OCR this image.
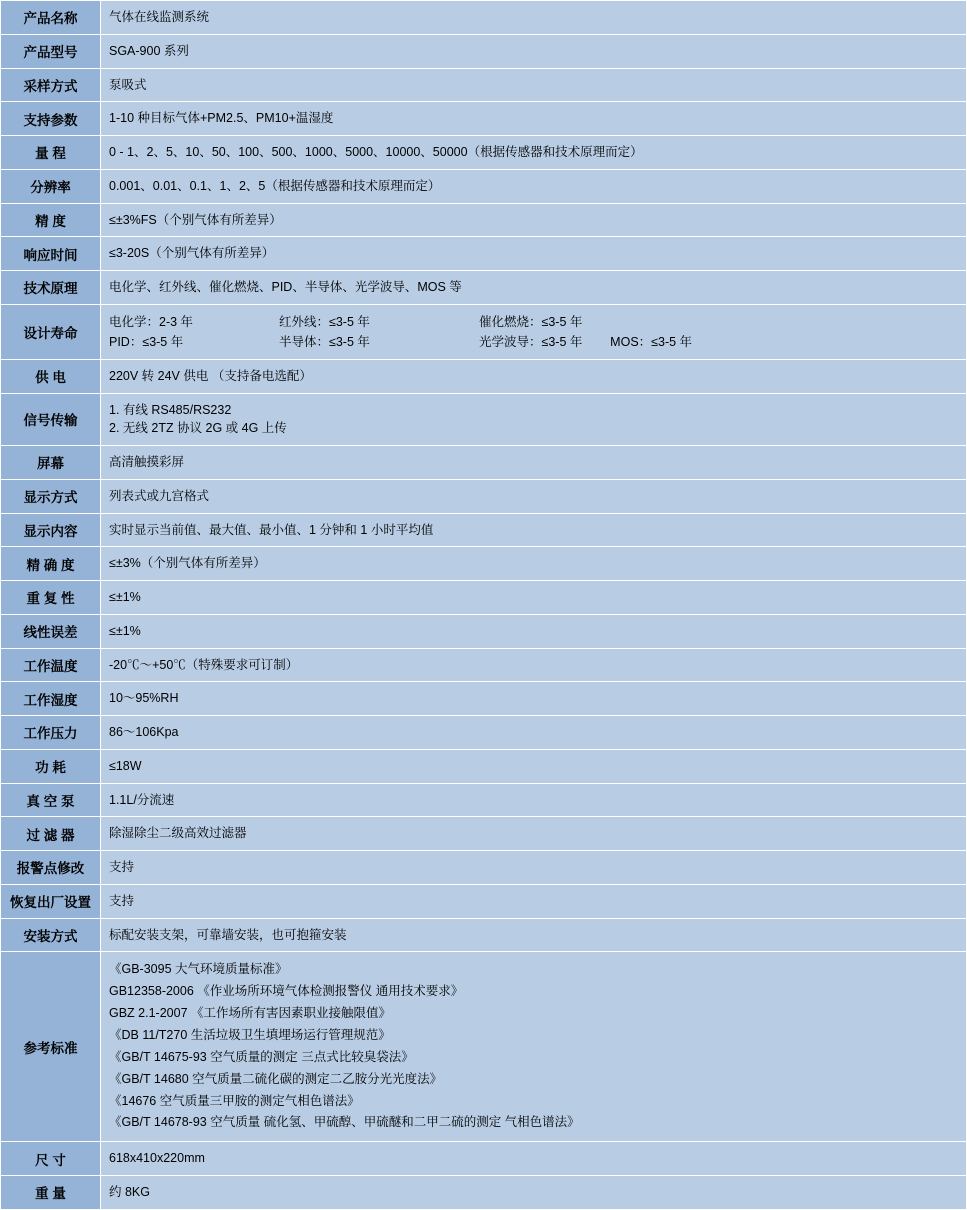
产品名称	气体在线监测系统
产品型号	SGA-900 系列
采样方式	泵吸式
支持参数	1-10 种目标气体+PM2.5、PM10+温湿度
量 程	0 - 1、2、5、10、50、100、500、1000、5000、10000、50000（根据传感器和技术原理而定）
分辨率	0.001、0.01、0.1、1、2、5（根据传感器和技术原理而定）
精 度	≤±3%FS（个别气体有所差异）
响应时间	≤3-20S（个别气体有所差异）
技术原理	电化学、红外线、催化燃烧、PID、半导体、光学波导、MOS 等
设计寿命	电化学：2-3 年 红外线：≤3-5 年 催化燃烧：≤3-5 年
PID：≤3-5 年 半导体：≤3-5 年 光学波导：≤3-5 年        MOS：≤3-5 年

供 电	220V 转 24V 供电 （支持备电选配）
信号传输	1. 有线 RS485/RS232
2. 无线 2TZ 协议 2G 或 4G 上传

屏幕	高清触摸彩屏
显示方式	列表式或九宫格式
显示内容	实时显示当前值、最大值、最小值、1 分钟和 1 小时平均值
精 确 度	≤±3%（个别气体有所差异）
重 复 性	≤±1%
线性误差	≤±1%
工作温度	-20℃～+50℃（特殊要求可订制）
工作湿度	10～95%RH
工作压力	86～106Kpa
功 耗	≤18W
真 空 泵	1.1L/分流速
过 滤 器	除湿除尘二级高效过滤器
报警点修改	支持
恢复出厂设置	支持
安装方式	标配安装支架，可靠墙安装，也可抱箍安装
参考标准	
《GB-3095 大气环境质量标准》
GB12358-2006 《作业场所环境气体检测报警仪 通用技术要求》
GBZ 2.1-2007 《工作场所有害因素职业接触限值》
《DB 11/T270 生活垃圾卫生填埋场运行管理规范》
《GB/T 14675-93 空气质量的测定 三点式比较臭袋法》
《GB/T 14680 空气质量二硫化碳的测定二乙胺分光光度法》
《14676 空气质量三甲胺的测定气相色谱法》
《GB/T 14678-93 空气质量 硫化氢、甲硫醇、甲硫醚和二甲二硫的测定 气相色谱法》

尺 寸	618x410x220mm
重 量	约 8KG
